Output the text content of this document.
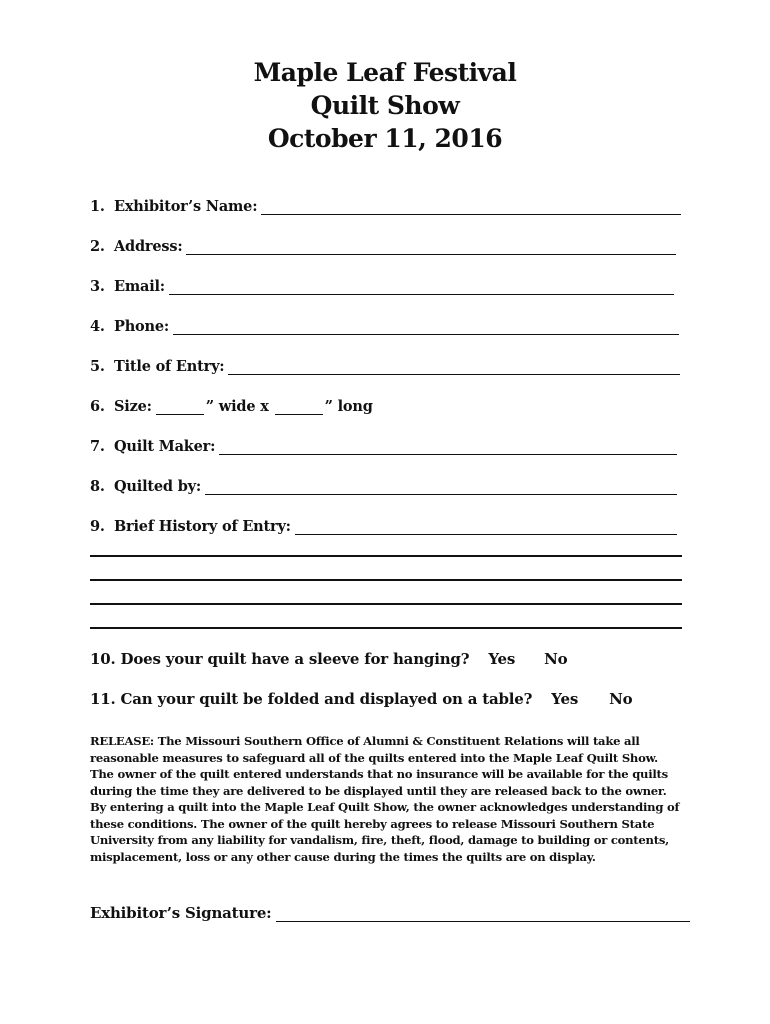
Maple Leaf Festival
Quilt Show
October 11, 2016
1. Exhibitor’s Name:
2. Address:
3. Email:
4. Phone:
5. Title of Entry:
6. Size:	” wide x	” long
7. Quilt Maker:
8. Quilted by:
9. Brief History of Entry:
10. Does your quilt have a sleeve for hanging? Yes No
11. Can your quilt be folded and displayed on a table? Yes No
RELEASE: The Missouri Southern Office of Alumni & Constituent Relations will take all reasonable measures to safeguard all of the quilts entered into the Maple Leaf Quilt Show. The owner of the quilt entered understands that no insurance will be available for the quilts during the time they are delivered to be displayed until they are released back to the owner. By entering a quilt into the Maple Leaf Quilt Show, the owner acknowledges understanding of these conditions. The owner of the quilt hereby agrees to release Missouri Southern State University from any liability for vandalism, fire, theft, flood, damage to building or contents, misplacement, loss or any other cause during the times the quilts are on display.
Exhibitor’s Signature:
